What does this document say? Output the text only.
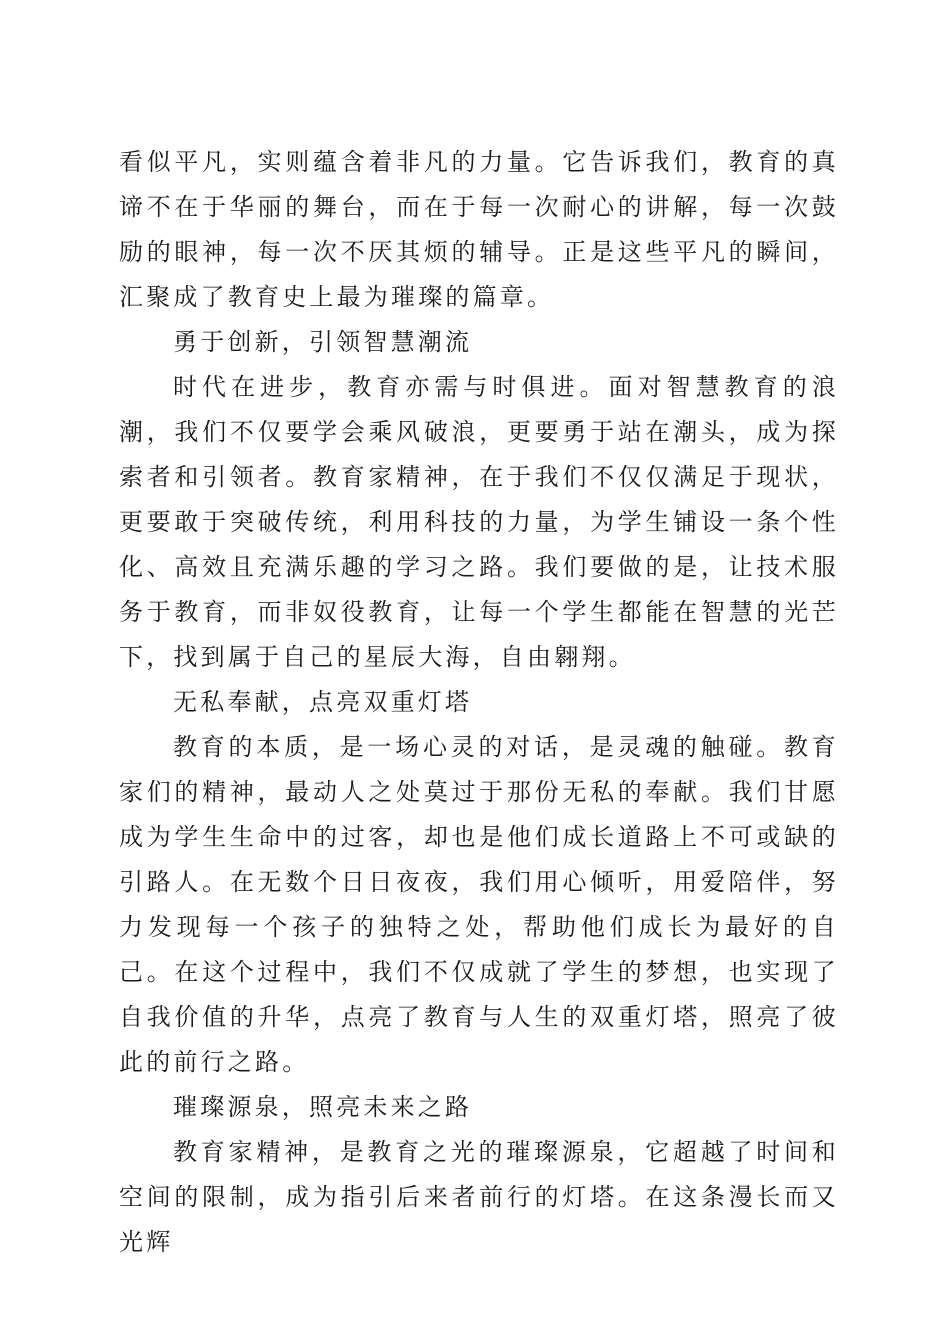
看似平凡，实则蕴含着非凡的力量。它告诉我们，教育的真谛不在于华丽的舞台，而在于每一次耐心的讲解，每一次鼓励的眼神，每一次不厌其烦的辅导。正是这些平凡的瞬间，汇聚成了教育史上最为璀璨的篇章。

勇于创新，引领智慧潮流

时代在进步，教育亦需与时俱进。面对智慧教育的浪潮，我们不仅要学会乘风破浪，更要勇于站在潮头，成为探索者和引领者。教育家精神，在于我们不仅仅满足于现状，更要敢于突破传统，利用科技的力量，为学生铺设一条个性化、高效且充满乐趣的学习之路。我们要做的是，让技术服务于教育，而非奴役教育，让每一个学生都能在智慧的光芒下，找到属于自己的星辰大海，自由翱翔。

无私奉献，点亮双重灯塔

教育的本质，是一场心灵的对话，是灵魂的触碰。教育家们的精神，最动人之处莫过于那份无私的奉献。我们甘愿成为学生生命中的过客，却也是他们成长道路上不可或缺的引路人。在无数个日日夜夜，我们用心倾听，用爱陪伴，努力发现每一个孩子的独特之处，帮助他们成长为最好的自己。在这个过程中，我们不仅成就了学生的梦想，也实现了自我价值的升华，点亮了教育与人生的双重灯塔，照亮了彼此的前行之路。

璀璨源泉，照亮未来之路

教育家精神，是教育之光的璀璨源泉，它超越了时间和空间的限制，成为指引后来者前行的灯塔。在这条漫长而又光辉
